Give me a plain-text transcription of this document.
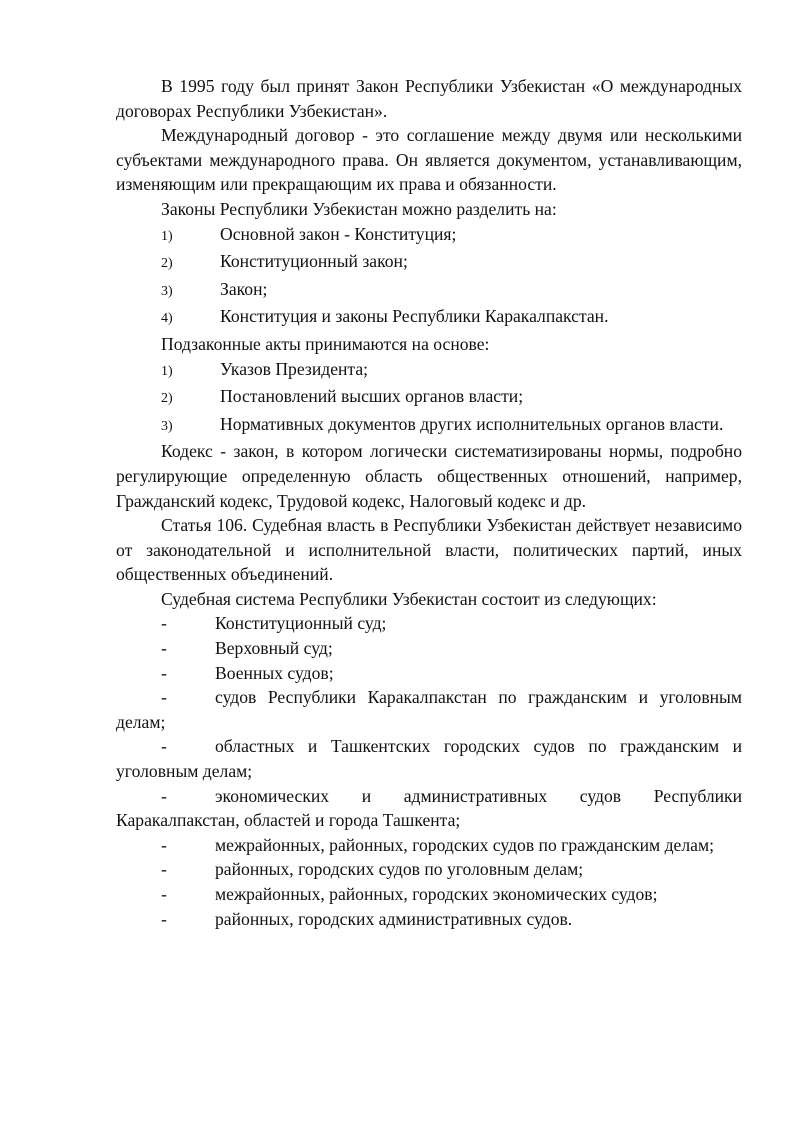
В 1995 году был принят Закон Республики Узбекистан «О международных договорах Республики Узбекистан».

Международный договор - это соглашение между двумя или несколькими субъектами международного права. Он является документом, устанавливающим, изменяющим или прекращающим их права и обязанности.

Законы Республики Узбекистан можно разделить на:

1)	Основной закон - Конституция;

2)	Конституционный закон;

3)	Закон;

4)	Конституция и законы Республики Каракалпакстан.

Подзаконные акты принимаются на основе:

1)	Указов Президента;

2)	Постановлений высших органов власти;

3)	Нормативных документов других исполнительных органов власти.

Кодекс - закон, в котором логически систематизированы нормы, подробно регулирующие определенную область общественных отношений, например, Гражданский кодекс, Трудовой кодекс, Налоговый кодекс и др.

Статья 106. Судебная власть в Республики Узбекистан действует независимо от законодательной и исполнительной власти, политических партий, иных общественных объединений.

Судебная система Республики Узбекистан состоит из следующих:

-	Конституционный суд;

-	Верховный суд;

-	Военных судов;

-	судов Республики Каракалпакстан по гражданским и уголовным делам;

-	областных и Ташкентских городских судов по гражданским и уголовным делам;

-	экономических и административных судов Республики Каракалпакстан, областей и города Ташкента;

-	межрайонных, районных, городских судов по гражданским делам;

-	районных, городских судов по уголовным делам;

-	межрайонных, районных, городских экономических судов;

-	районных, городских административных судов.
